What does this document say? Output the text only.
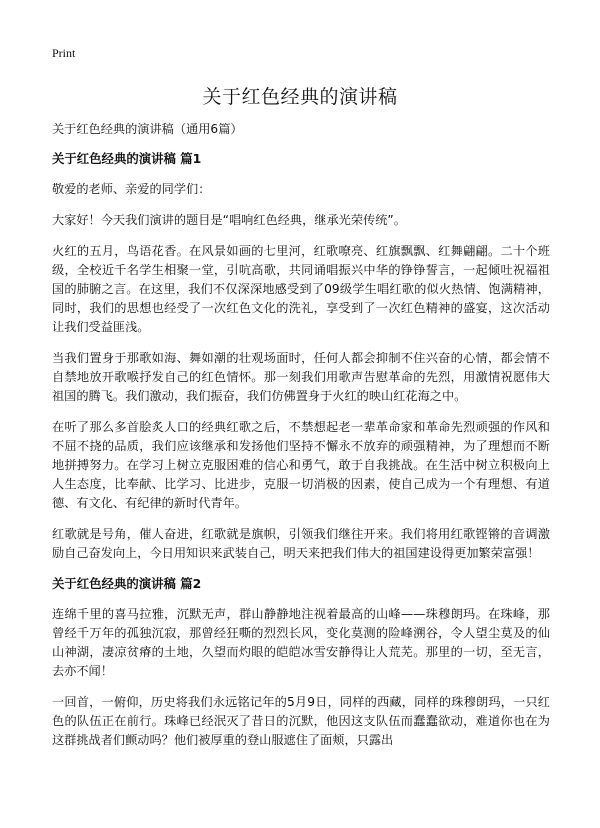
Print
关于红色经典的演讲稿

关于红色经典的演讲稿（通用6篇）

关于红色经典的演讲稿 篇1

敬爱的老师、亲爱的同学们：

大家好！今天我们演讲的题目是“唱响红色经典，继承光荣传统”。

火红的五月，鸟语花香。在风景如画的七里河，红歌嘹亮、红旗飘飘、红舞翩翩。二十个班级，全校近千名学生相聚一堂，引吭高歌，共同诵唱振兴中华的铮铮誓言，一起倾吐祝福祖国的肺腑之言。在这里，我们不仅深深地感受到了09级学生唱红歌的似火热情、饱满精神，同时，我们的思想也经受了一次红色文化的洗礼，享受到了一次红色精神的盛宴，这次活动让我们受益匪浅。

当我们置身于那歌如海、舞如潮的壮观场面时，任何人都会抑制不住兴奋的心情，都会情不自禁地放开歌喉抒发自己的红色情怀。那一刻我们用歌声告慰革命的先烈，用激情祝愿伟大祖国的腾飞。我们激动，我们振奋，我们仿佛置身于火红的映山红花海之中。

在听了那么多首脍炙人口的经典红歌之后，不禁想起老一辈革命家和革命先烈顽强的作风和不屈不挠的品质，我们应该继承和发扬他们坚持不懈永不放弃的顽强精神，为了理想而不断地拼搏努力。在学习上树立克服困难的信心和勇气，敢于自我挑战。在生活中树立积极向上人生态度，比奉献、比学习、比进步，克服一切消极的因素，使自己成为一个有理想、有道德、有文化、有纪律的新时代青年。

红歌就是号角，催人奋进，红歌就是旗帜，引领我们继往开来。我们将用红歌铿锵的音调激励自己奋发向上，今日用知识来武装自己，明天来把我们伟大的祖国建设得更加繁荣富强！

关于红色经典的演讲稿 篇2

连绵千里的喜马拉雅，沉默无声，群山静静地注视着最高的山峰——珠穆朗玛。在珠峰，那曾经千万年的孤独沉寂，那曾经狂嘶的烈烈长风，变化莫测的险峰溯谷，令人望尘莫及的仙山神湖，凄凉贫瘠的土地，久望而灼眼的皑皑冰雪安静得让人荒芜。那里的一切，至无言，去亦不闻！

一回首，一俯仰，历史将我们永远铭记年的5月9日，同样的西藏，同样的珠穆朗玛，一只红色的队伍正在前行。珠峰已经泯灭了昔日的沉默，他因这支队伍而蠢蠢欲动，难道你也在为这群挑战者们颤动吗？他们被厚重的登山服遮住了面颊，只露出
